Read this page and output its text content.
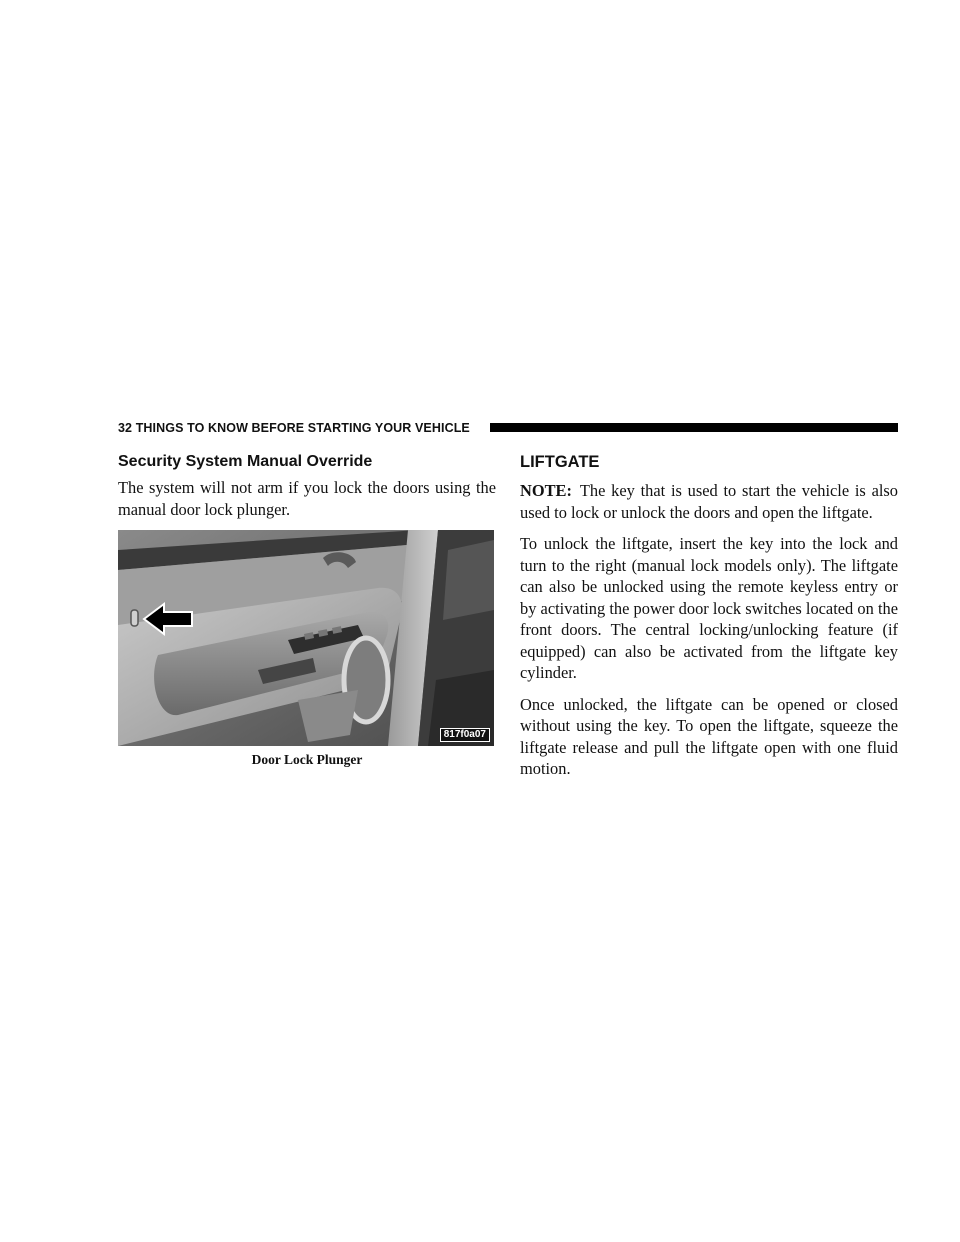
32 THINGS TO KNOW BEFORE STARTING YOUR VEHICLE
Security System Manual Override

The system will not arm if you lock the doors using the manual door lock plunger.

817f0a07
Door Lock Plunger
LIFTGATE

NOTE: The key that is used to start the vehicle is also used to lock or unlock the doors and open the liftgate.

To unlock the liftgate, insert the key into the lock and turn to the right (manual lock models only). The liftgate can also be unlocked using the remote keyless entry or by activating the power door lock switches located on the front doors. The central locking/unlocking feature (if equipped) can also be activated from the liftgate key cylinder.

Once unlocked, the liftgate can be opened or closed without using the key. To open the liftgate, squeeze the liftgate release and pull the liftgate open with one fluid motion.
